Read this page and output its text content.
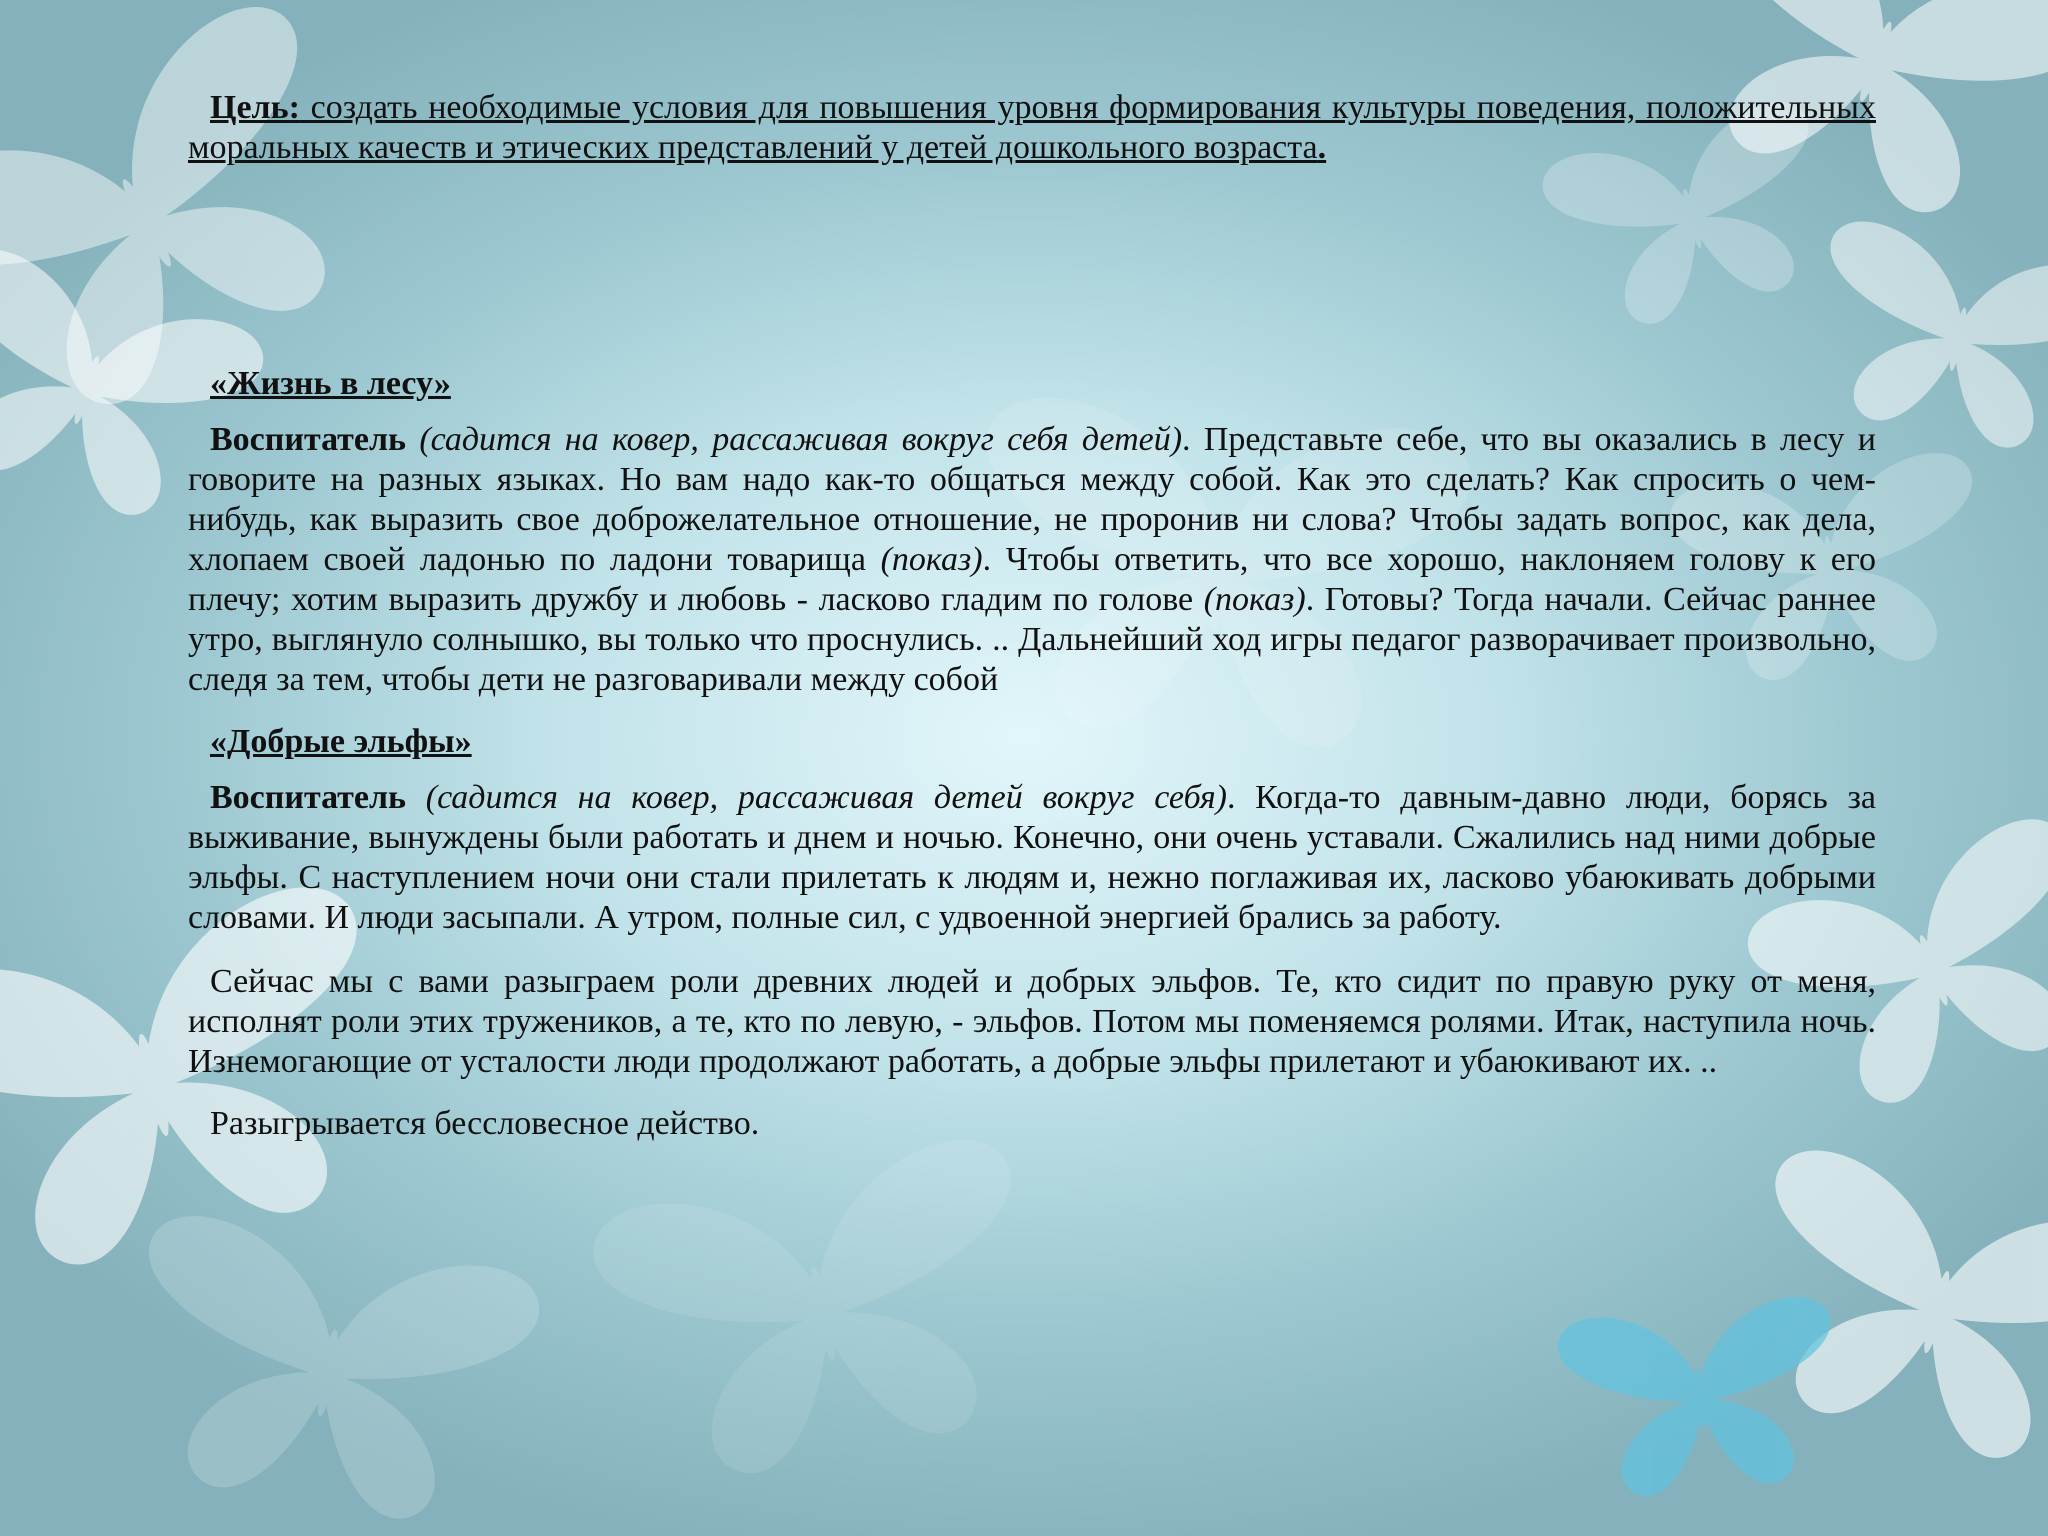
Цель: создать необходимые условия для повышения уровня формирования культуры поведения, положительных моральных качеств и этических представлений у детей дошкольного возраста.

«Жизнь в лесу»

Воспитатель (садится на ковер, рассаживая вокруг себя детей). Представьте себе, что вы оказались в лесу и говорите на разных языках. Но вам надо как-то общаться между собой. Как это сделать? Как спросить о чем-нибудь, как выразить свое доброжелательное отношение, не проронив ни слова? Чтобы задать вопрос, как дела, хлопаем своей ладонью по ладони товарища (показ). Чтобы ответить, что все хорошо, наклоняем голову к его плечу; хотим выразить дружбу и любовь - ласково гладим по голове (показ). Готовы? Тогда начали. Сейчас раннее утро, выглянуло солнышко, вы только что проснулись. .. Дальнейший ход игры педагог разворачивает произвольно, следя за тем, чтобы дети не разговаривали между собой

«Добрые эльфы»

Воспитатель (садится на ковер, рассаживая детей вокруг себя). Когда-то давным-давно люди, борясь за выживание, вынуждены были работать и днем и ночью. Конечно, они очень уставали. Сжалились над ними добрые эльфы. С наступлением ночи они стали прилетать к людям и, нежно поглаживая их, ласково убаюкивать добрыми словами. И люди засыпали. А утром, полные сил, с удвоенной энергией брались за работу.

Сейчас мы с вами разыграем роли древних людей и добрых эльфов. Те, кто сидит по правую руку от меня, исполнят роли этих тружеников, а те, кто по левую, - эльфов. Потом мы поменяемся ролями. Итак, наступила ночь. Изнемогающие от усталости люди продолжают работать, а добрые эльфы прилетают и убаюкивают их. ..

Разыгрывается бессловесное действо.
